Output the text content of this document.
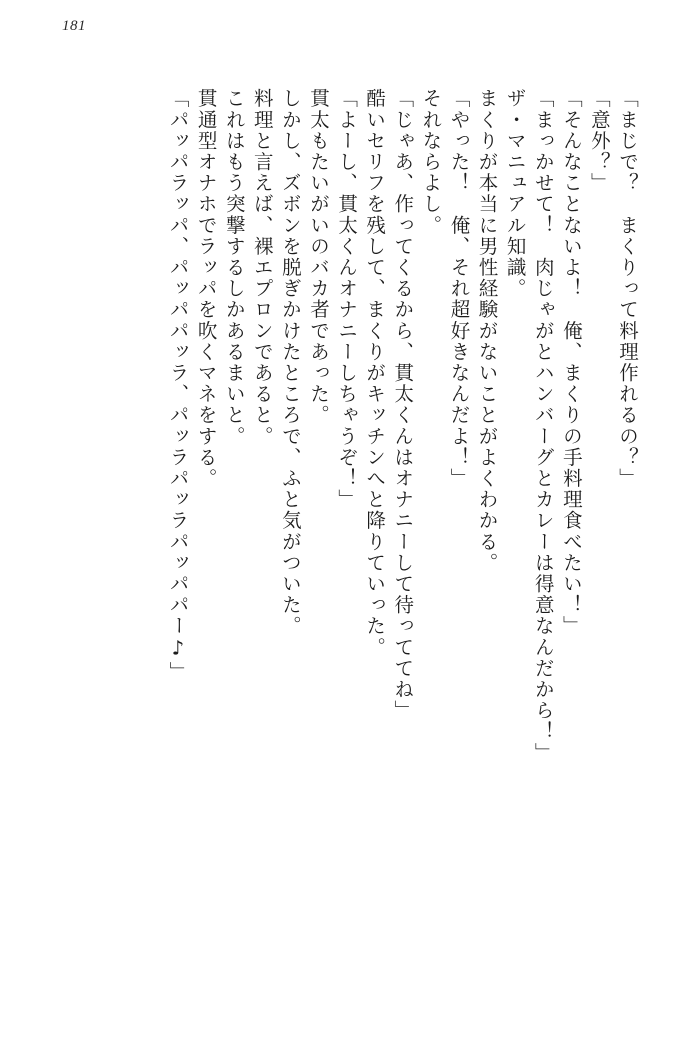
181
「まじで？　まくりって料理作れるの？」
「意外？」
「そんなことないよ！　俺、まくりの手料理食べたい！」
「まっかせて！　肉じゃがとハンバーグとカレーは得意なんだから！」
ザ・マニュアル知識。
まくりが本当に男性経験がないことがよくわかる。
「やった！　俺、それ超好きなんだよ！」
それならよし。
「じゃあ、作ってくるから、貫太くんはオナニーして待っててね」
酷いセリフを残して、まくりがキッチンへと降りていった。
「よーし、貫太くんオナニーしちゃうぞ！」
貫太もたいがいのバカ者であった。
しかし、ズボンを脱ぎかけたところで、ふと気がついた。
料理と言えば、裸エプロンであると。
これはもう突撃するしかあるまいと。
貫通型オナホでラッパを吹くマネをする。
「パッパラッパ、パッパパッラ、パッラパッラパッパパー♪」
